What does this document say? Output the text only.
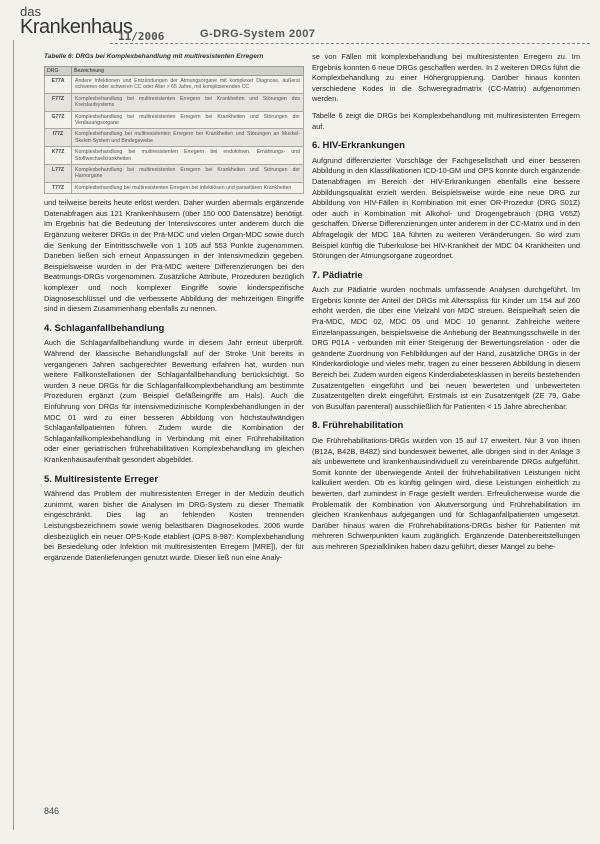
das
Krankenhaus
11/2006	G-DRG-System 2007
Tabelle 6: DRGs bei Komplexbehandlung mit multiresistenten Erregern
DRG	Bezeichnung
E77A	Andere Infektionen und Entzündungen der Atmungsorgane mit komplexer Diagnose, äußerst schweren oder schweren CC oder Alter > 65 Jahre, mit komplizierenden CC
F77Z	Komplexbehandlung bei multiresistenten Erregern bei Krankheiten und Störungen des Kreislaufsystems
G77Z	Komplexbehandlung bei multiresistenten Erregern bei Krankheiten und Störungen der Verdauungsorgane
I77Z	Komplexbehandlung bei multiresistenten Erregern bei Krankheiten und Störungen an Muskel-Skelett-System und Bindegewebe
K77Z	Komplexbehandlung bei multiresistenten Erregern bei endokrinen, Ernährungs- und Stoffwechselkrankheiten
L77Z	Komplexbehandlung bei multiresistenten Erregern bei Krankheiten und Störungen der Harnorgane
T77Z	Komplexbehandlung bei multiresistenten Erregern bei infektiösen und parasitären Krankheiten

und teilweise bereits heute erlöst werden. Daher wurden abermals ergänzende Datenabfragen aus 121 Krankenhäusern (über 150 000 Datensätze) benötigt. Im Ergebnis hat die Bedeutung der Intensivscores unter anderem durch die Ergänzung weiterer DRGs in der Prä-MDC und vielen Organ-MDC sowie durch die Senkung der Eintrittsschwelle von 1 105 auf 553 Punkte zugenommen. Daneben ließen sich erneut Anpassungen in der Intensivmedizin gegeben. Beispielsweise wurden in der Prä-MDC weitere Differenzierungen bei den Beatmungs-DRGs vorgenommen. Zusätzliche Attribute, Prozeduren bezüglich komplexer und noch komplexer Eingriffe sowie kinderspezifische Diagnoseschlüssel und die verbesserte Abbildung der mehrzeitigen Eingriffe sind in diesem Zusammenhang ebenfalls zu nennen.

4. Schlaganfallbehandlung

Auch die Schlaganfallbehandlung wurde in diesem Jahr erneut überprüft. Während der klassische Behandlungsfall auf der Stroke Unit bereits in vergangenen Jahren sachgerechter Bewertung erfahren hat, wurden nun weitere Fallkonstellationen der Schlaganfallbehandlung berücksichtigt. So wurden 3 neue DRGs für die Schlaganfallkomplexbehandlung am bestimmte Prozeduren ergänzt (zum Beispiel Gefäßeingriffe am Hals). Auch die Einführung von DRGs für intensivmedizinische Komplexbehandlungen in der MDC 01 wird zu einer besseren Abbildung von höchstaufwändigen Schlaganfallpatienten führen. Zudem wurde die Kombination der Schlaganfallkomplexbehandlung in Verbindung mit einer Frührehabilitation oder einer geriatrischen frührehabilitativen Komplexbehandlung im gleichen Krankenhausaufenthalt gesondert abgebildet.

5. Multiresistente Erreger

Während das Problem der multiresistenten Erreger in der Medizin deutlich zunimmt, waren bisher die Analysen im DRG-System zu dieser Thematik eingeschränkt. Dies lag an fehlenden Kosten trennenden Leistungsbezeichnern sowie wenig belastbaren Diagnosekodes. 2006 wurde diesbezüglich ein neuer OPS-Kode etabliert (OPS 8-987: Komplexbehandlung bei Besiedelung oder Infektion mit multiresistenten Erregern [MRE]), der für ergänzende Datenlieferungen genutzt wurde. Dieser ließ nun eine Analy-

se von Fällen mit komplexbehandlung bei multiresistenten Erregern zu. Im Ergebnis konnten 6 neue DRGs geschaffen werden. In 2 weiteren DRGs führt die Komplexbehandlung zu einer Höhergruppierung. Darüber hinaus konnten verschiedene Kodes in die Schweregradmatrix (CC-Matrix) aufgenommen werden.

Tabelle 6 zeigt die DRGs bei Komplexbehandlung mit multiresistenten Erregern auf.

6. HIV-Erkrankungen

Aufgrund differenzierter Vorschläge der Fachgesellschaft und einer besseren Abbildung in den Klassifikationen ICD-10-GM und OPS konnte durch ergänzende Datenabfragen im Bereich der HIV-Erkrankungen ebenfalls eine bessere Abbildungsqualität erzielt werden. Beispielsweise wurde eine neue DRG zur Abbildung von HIV-Fällen in Kombination mit einer OR-Prozedur (DRG S01Z) oder auch in Kombination mit Alkohol- und Drogengebrauch (DRG V65Z) geschaffen. Diverse Differenzierungen unter anderem in der CC-Matrix und in den Abfragelogik der MDC 18A führten zu weiteren Veränderungen. So wird zum Beispiel künftig die Tuberkulose bei HIV-Krankheit der MDC 04 Krankheiten und Störungen der Atmungsorgane zugeordnet.

7. Pädiatrie

Auch zur Pädiatrie wurden nochmals umfassende Analysen durchgeführt. Im Ergebnis konnte der Anteil der DRGs mit Altersspliss für Kinder um 154 auf 260 erhöht werden, die über eine Vielzahl von MDC streuen. Beispielhaft seien die Prä-MDC, MDC 02, MDC 05 und MDC 10 genannt. Zahlreiche weitere Einzelanpassungen, beispielsweise die Anhebung der Beatmungsschwelle in der DRG P01A - verbunden mit einer Steigerung der Bewertungsrelation - oder die geänderte Zuordnung von Fehlbildungen auf der Hand, zusätzliche DRGs in der Kinderkardiologie und vieles mehr, tragen zu einer besseren Abbildung in diesem Bereich bei. Zudem wurden eigens Kinderdiabetesklassen in bereits bestehenden Zusatzentgelten eingeführt und bei neuen bewerteten und unbewerteten Zusatzentgelten direkt eingeführt. Erstmals ist ein Zusatzentgelt (ZE 79, Gabe von Busulfan parenteral) ausschließlich für Patienten < 15 Jahre abrechenbar.

8. Frührehabilitation

Die Frührehabilitations-DRGs wurden von 15 auf 17 erweitert. Nur 3 von ihnen (B12A, B42B, B48Z) sind bundesweit bewertet, alle übrigen sind in der Anlage 3 als unbewertete und krankenhausindividuell zu vereinbarende DRGs aufgeführt. Somit konnte der überwiegende Anteil der frührehabilitativen Leistungen nicht kalkuliert werden. Ob es künftig gelingen wird, diese Leistungen einheitlich zu bewerten, darf zumindest in Frage gestellt werden. Erfreulicherweise wurde die Problematik der Kombination von Akutversorgung und Frührehabilitation im gleichen Krankenhaus aufgegangen und für Schlaganfallpatienten umgesetzt. Darüber hinaus waren die Frührehabilitations-DRGs bisher für Patienten mit mehreren Schwerpunkten kaum zugänglich. Ergänzende Datenbereitstellungen aus mehreren Spezialkliniken haben dazu geführt, dieser Mangel zu behe-

846
